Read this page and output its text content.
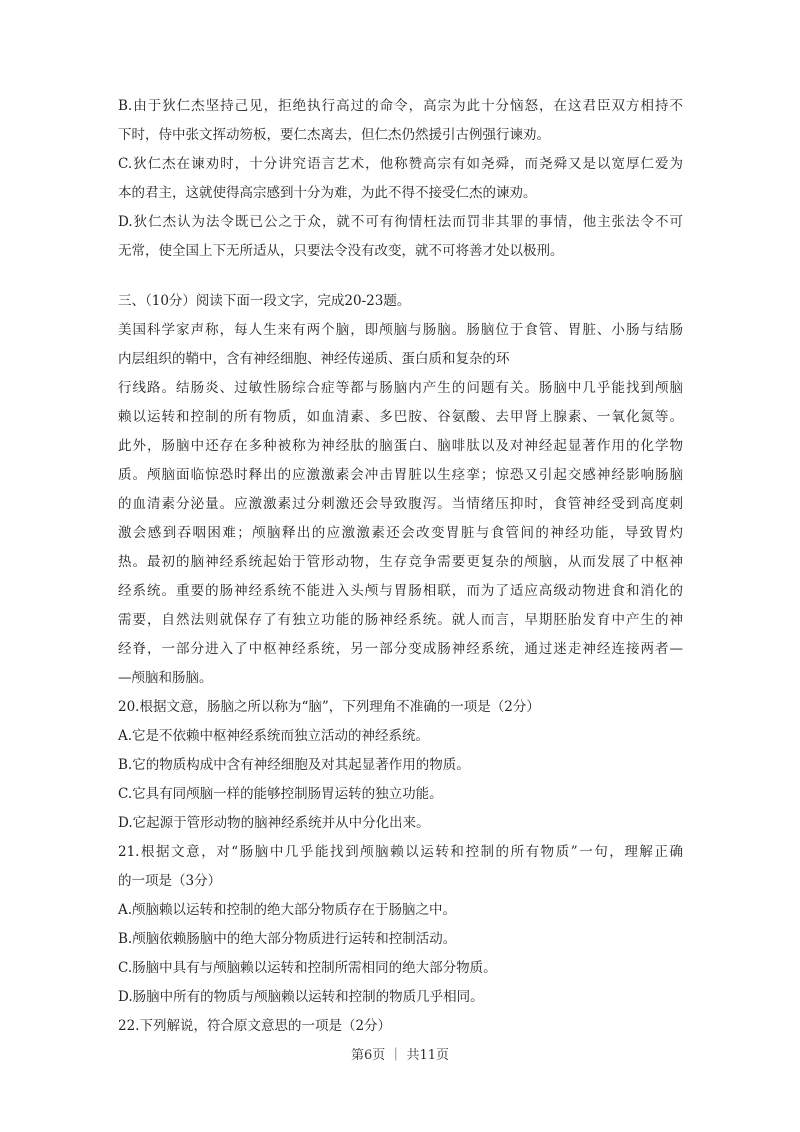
B.由于狄仁杰坚持己见，拒绝执行高过的命令，高宗为此十分恼怒，在这君臣双方相持不
下时，侍中张文挥动笏板，要仁杰离去，但仁杰仍然援引古例强行谏劝。
C.狄仁杰在谏劝时，十分讲究语言艺术，他称赞高宗有如尧舜，而尧舜又是以宽厚仁爱为
本的君主，这就使得高宗感到十分为难，为此不得不接受仁杰的谏劝。
D.狄仁杰认为法令既已公之于众，就不可有徇情枉法而罚非其罪的事情，他主张法令不可
无常，使全国上下无所适从，只要法令没有改变，就不可将善才处以极刑。
三、（10分）阅读下面一段文字，完成20-23题。
美国科学家声称，每人生来有两个脑，即颅脑与肠脑。肠脑位于食管、胃脏、小肠与结肠
内层组织的鞘中，含有神经细胞、神经传递质、蛋白质和复杂的环
行线路。结肠炎、过敏性肠综合症等都与肠脑内产生的问题有关。肠脑中几乎能找到颅脑
赖以运转和控制的所有物质，如血清素、多巴胺、谷氨酸、去甲肾上腺素、一氧化氮等。
此外，肠脑中还存在多种被称为神经肽的脑蛋白、脑啡肽以及对神经起显著作用的化学物
质。颅脑面临惊恐时释出的应激激素会冲击胃脏以生痉挛；惊恐又引起交感神经影响肠脑
的血清素分泌量。应激激素过分刺激还会导致腹泻。当情绪压抑时，食管神经受到高度刺
激会感到吞咽困难；颅脑释出的应激激素还会改变胃脏与食管间的神经功能，导致胃灼
热。最初的脑神经系统起始于管形动物，生存竞争需要更复杂的颅脑，从而发展了中枢神
经系统。重要的肠神经系统不能进入头颅与胃肠相联，而为了适应高级动物进食和消化的
需要，自然法则就保存了有独立功能的肠神经系统。就人而言，早期胚胎发育中产生的神
经脊，一部分进入了中枢神经系统，另一部分变成肠神经系统，通过迷走神经连接两者—
—颅脑和肠脑。
20.根据文意，肠脑之所以称为“脑”，下列理角不准确的一项是（2分）
A.它是不依赖中枢神经系统而独立活动的神经系统。
B.它的物质构成中含有神经细胞及对其起显著作用的物质。
C.它具有同颅脑一样的能够控制肠胃运转的独立功能。
D.它起源于管形动物的脑神经系统并从中分化出来。
21.根据文意，对“肠脑中几乎能找到颅脑赖以运转和控制的所有物质”一句，理解正确
的一项是（3分）
A.颅脑赖以运转和控制的绝大部分物质存在于肠脑之中。
B.颅脑依赖肠脑中的绝大部分物质进行运转和控制活动。
C.肠脑中具有与颅脑赖以运转和控制所需相同的绝大部分物质。
D.肠脑中所有的物质与颅脑赖以运转和控制的物质几乎相同。
22.下列解说，符合原文意思的一项是（2分）
第6页 ｜ 共11页
